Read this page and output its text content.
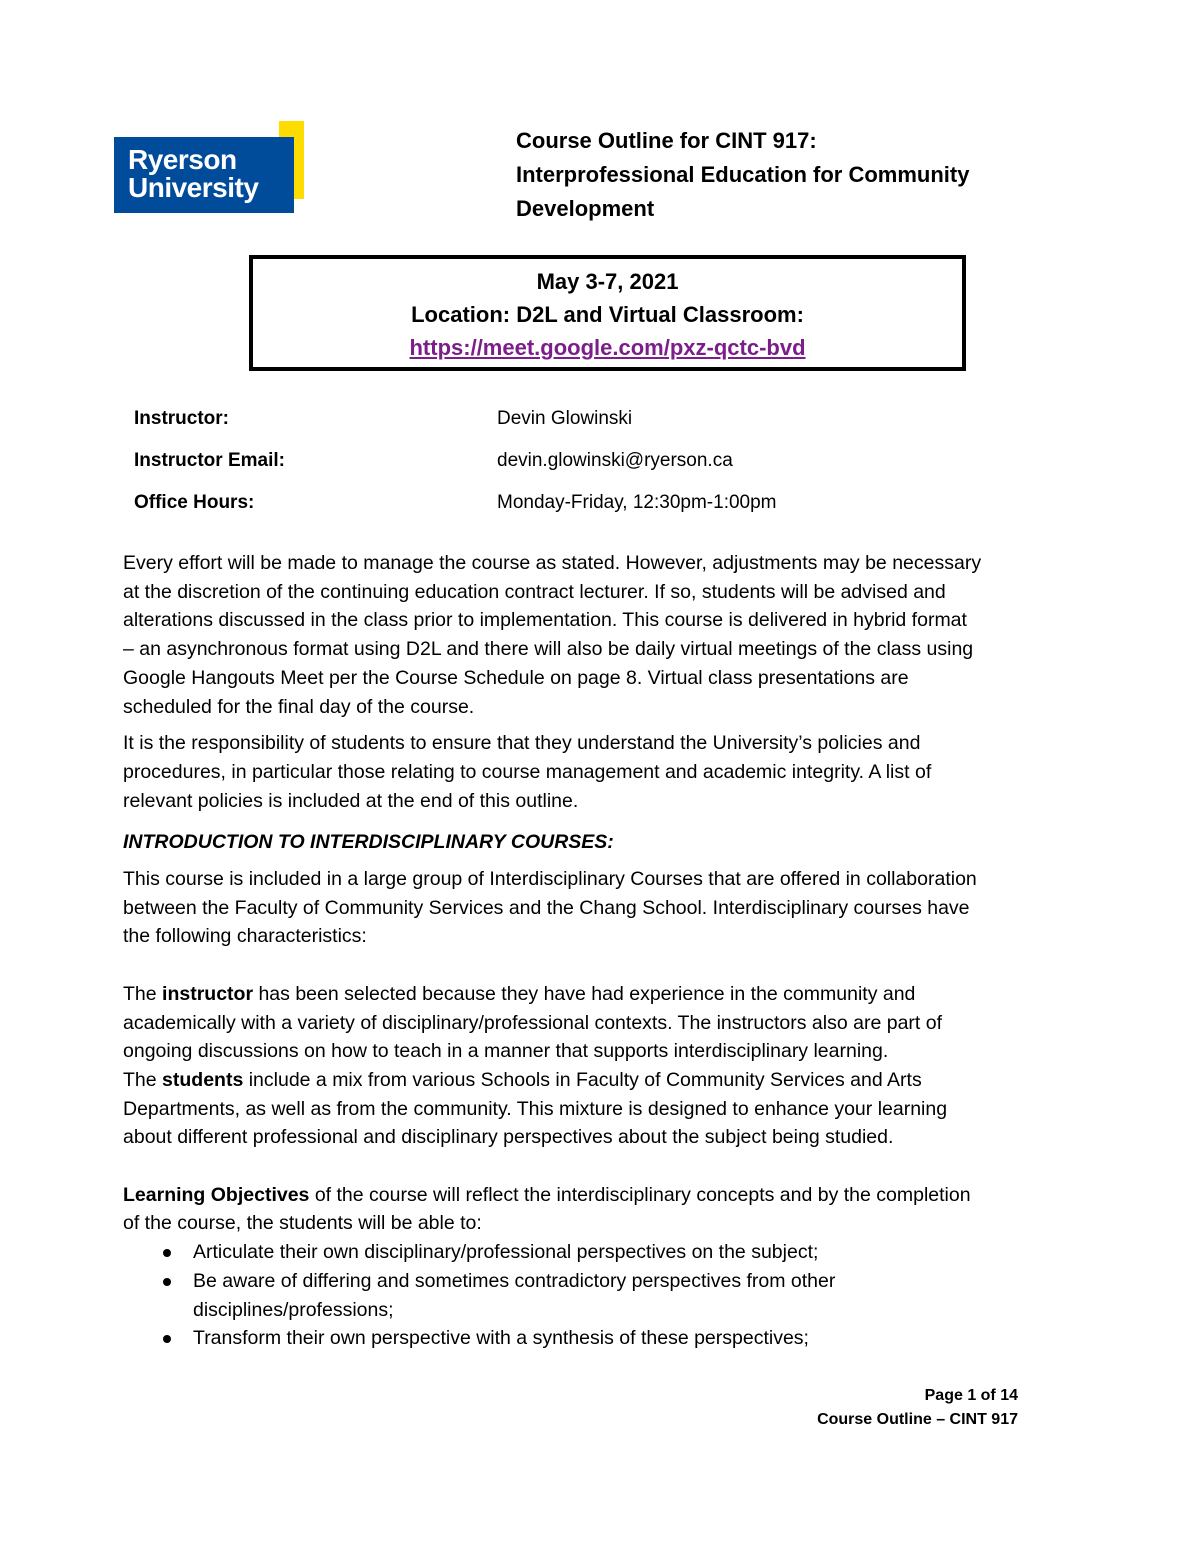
Ryerson
University
Course Outline for CINT 917:
Interprofessional Education for Community
Development
May 3-7, 2021
Location: D2L and Virtual Classroom:
https://meet.google.com/pxz-qctc-bvd
Instructor:	Devin Glowinski
Instructor Email:	devin.glowinski@ryerson.ca
Office Hours:	Monday-Friday, 12:30pm-1:00pm

Every effort will be made to manage the course as stated. However, adjustments may be necessary
at the discretion of the continuing education contract lecturer. If so, students will be advised and
alterations discussed in the class prior to implementation. This course is delivered in hybrid format
– an asynchronous format using D2L and there will also be daily virtual meetings of the class using
Google Hangouts Meet per the Course Schedule on page 8. Virtual class presentations are
scheduled for the final day of the course.

It is the responsibility of students to ensure that they understand the University’s policies and
procedures, in particular those relating to course management and academic integrity. A list of
relevant policies is included at the end of this outline.

INTRODUCTION TO INTERDISCIPLINARY COURSES:

This course is included in a large group of Interdisciplinary Courses that are offered in collaboration
between the Faculty of Community Services and the Chang School. Interdisciplinary courses have
the following characteristics:

The instructor has been selected because they have had experience in the community and
academically with a variety of disciplinary/professional contexts. The instructors also are part of
ongoing discussions on how to teach in a manner that supports interdisciplinary learning.

The students include a mix from various Schools in Faculty of Community Services and Arts
Departments, as well as from the community. This mixture is designed to enhance your learning
about different professional and disciplinary perspectives about the subject being studied.

Learning Objectives of the course will reflect the interdisciplinary concepts and by the completion
of the course, the students will be able to:

Articulate their own disciplinary/professional perspectives on the subject;
Be aware of differing and sometimes contradictory perspectives from other disciplines/professions;
Transform their own perspective with a synthesis of these perspectives;
Page 1 of 14
Course Outline – CINT 917
